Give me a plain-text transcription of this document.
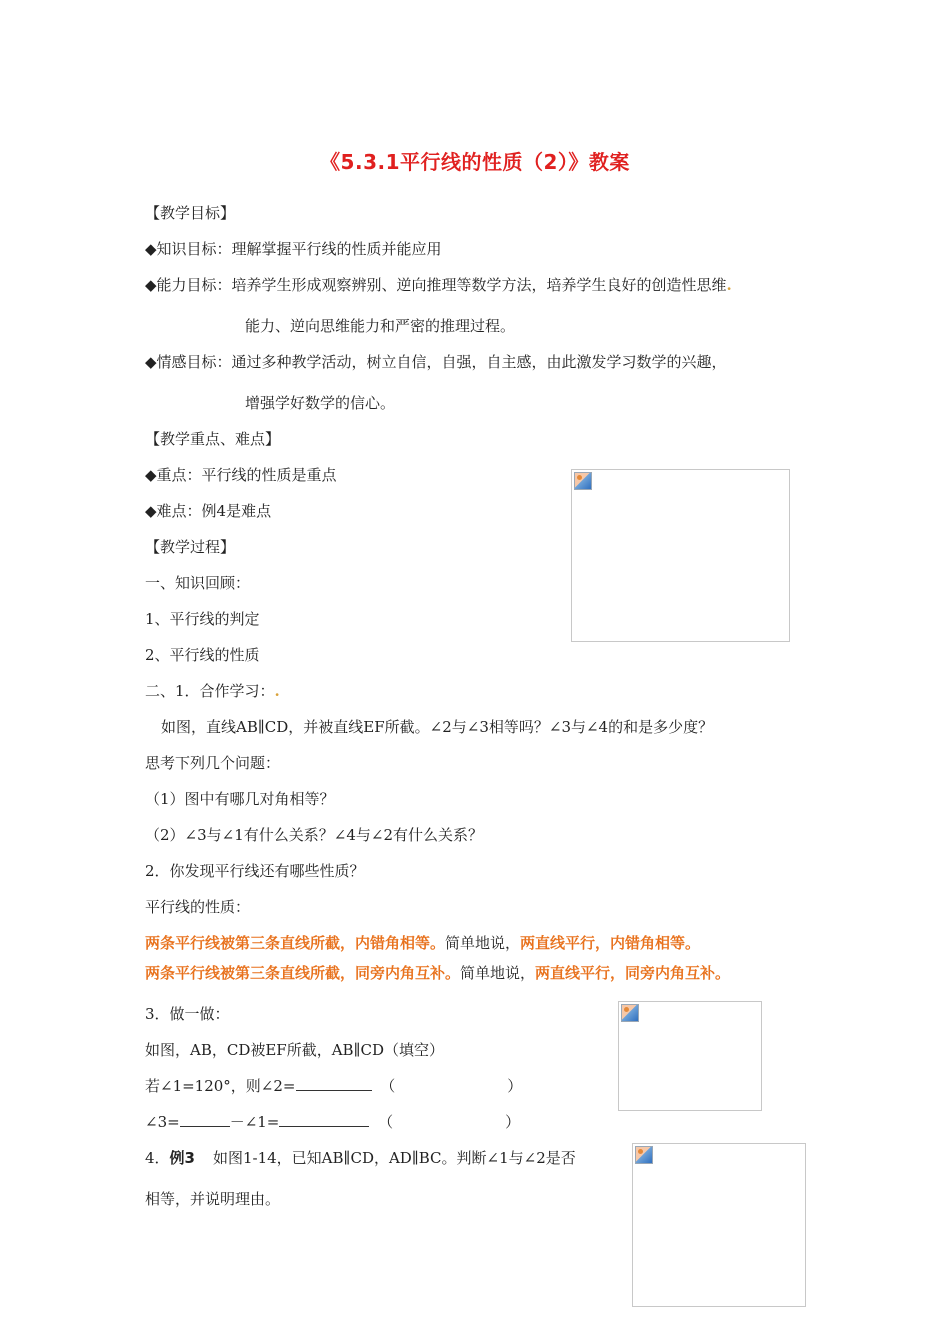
《5.3.1平行线的性质（2）》教案
【教学目标】
◆知识目标：理解掌握平行线的性质并能应用
◆能力目标：培养学生形成观察辨别、逆向推理等数学方法，培养学生良好的创造性思维.
能力、逆向思维能力和严密的推理过程。
◆情感目标：通过多种教学活动，树立自信，自强，自主感，由此激发学习数学的兴趣，
增强学好数学的信心。
【教学重点、难点】
◆重点：平行线的性质是重点
◆难点：例4是难点
【教学过程】
一、知识回顾：
1、平行线的判定
2、平行线的性质
二、1．合作学习：.
如图，直线AB∥CD，并被直线EF所截。∠2与∠3相等吗？∠3与∠4的和是多少度？
思考下列几个问题：
（1）图中有哪几对角相等？
（2）∠3与∠1有什么关系？∠4与∠2有什么关系？
2．你发现平行线还有哪些性质？
平行线的性质：
两条平行线被第三条直线所截，内错角相等。简单地说，两直线平行，内错角相等。
两条平行线被第三条直线所截，同旁内角互补。简单地说，两直线平行，同旁内角互补。
3．做一做：
如图，AB，CD被EF所截，AB∥CD（填空）
若∠1=120°，则∠2=	（	）
∠3=	－∠1=	（	）
4．例3 如图1-14，已知AB∥CD，AD∥BC。判断∠1与∠2是否
相等，并说明理由。
